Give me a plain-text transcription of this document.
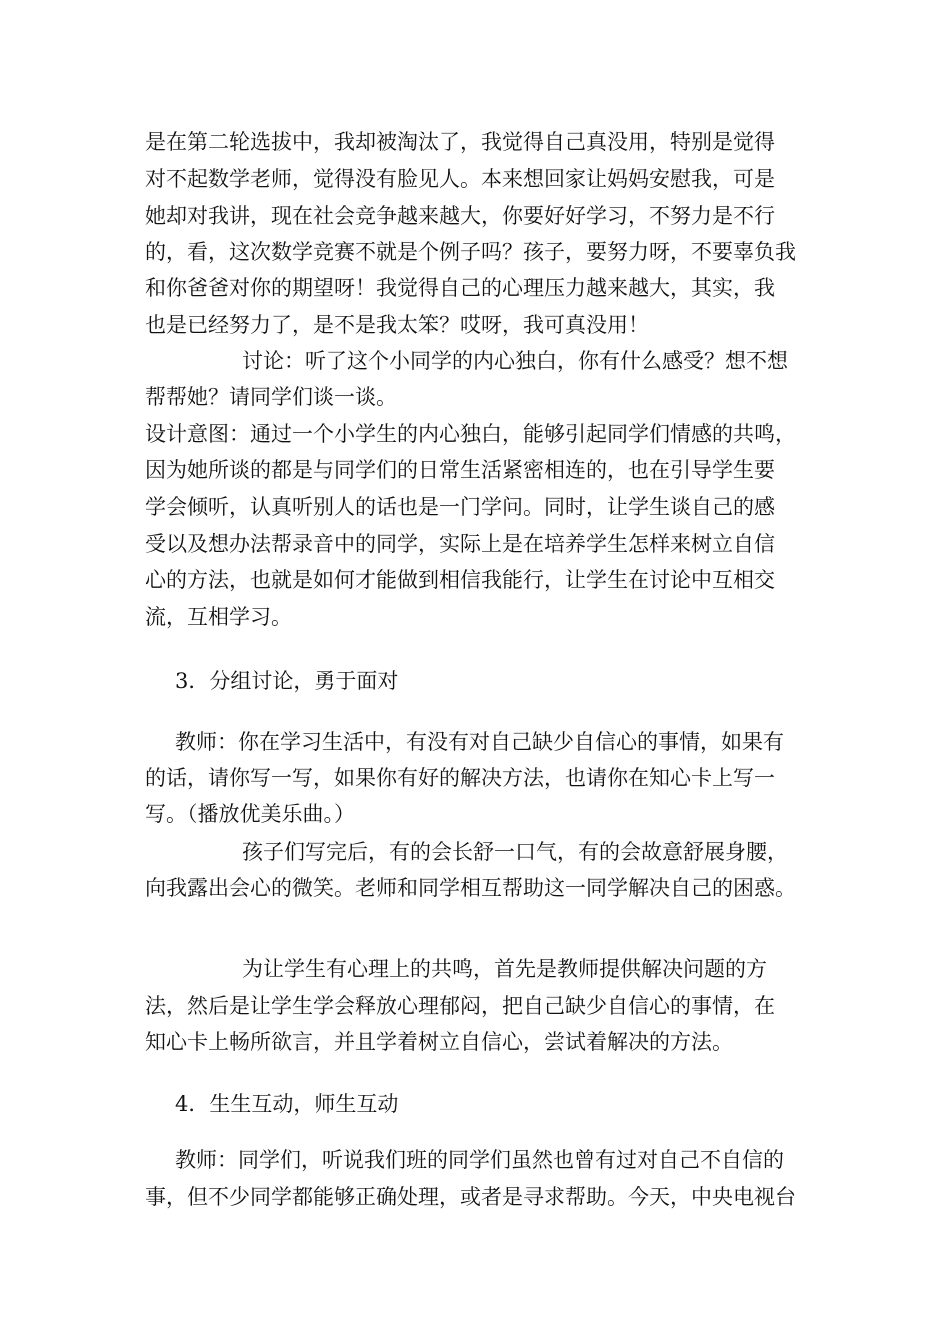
是在第二轮选拔中，我却被淘汰了，我觉得自己真没用，特别是觉得
对不起数学老师，觉得没有脸见人。本来想回家让妈妈安慰我，可是
她却对我讲，现在社会竞争越来越大，你要好好学习，不努力是不行
的，看，这次数学竞赛不就是个例子吗？孩子，要努力呀，不要辜负我
和你爸爸对你的期望呀！我觉得自己的心理压力越来越大，其实，我
也是已经努力了，是不是我太笨？哎呀，我可真没用！
讨论：听了这个小同学的内心独白，你有什么感受？想不想
帮帮她？请同学们谈一谈。
设计意图：通过一个小学生的内心独白，能够引起同学们情感的共鸣，
因为她所谈的都是与同学们的日常生活紧密相连的，也在引导学生要
学会倾听，认真听别人的话也是一门学问。同时，让学生谈自己的感
受以及想办法帮录音中的同学，实际上是在培养学生怎样来树立自信
心的方法，也就是如何才能做到相信我能行，让学生在讨论中互相交
流，互相学习。
3．分组讨论，勇于面对
教师：你在学习生活中，有没有对自己缺少自信心的事情，如果有
的话，请你写一写，如果你有好的解决方法，也请你在知心卡上写一
写。（播放优美乐曲。）
孩子们写完后，有的会长舒一口气，有的会故意舒展身腰，
向我露出会心的微笑。老师和同学相互帮助这一同学解决自己的困惑。
为让学生有心理上的共鸣，首先是教师提供解决问题的方
法，然后是让学生学会释放心理郁闷，把自己缺少自信心的事情，在
知心卡上畅所欲言，并且学着树立自信心，尝试着解决的方法。
4．生生互动，师生互动
教师：同学们，听说我们班的同学们虽然也曾有过对自己不自信的
事，但不少同学都能够正确处理，或者是寻求帮助。今天，中央电视台
